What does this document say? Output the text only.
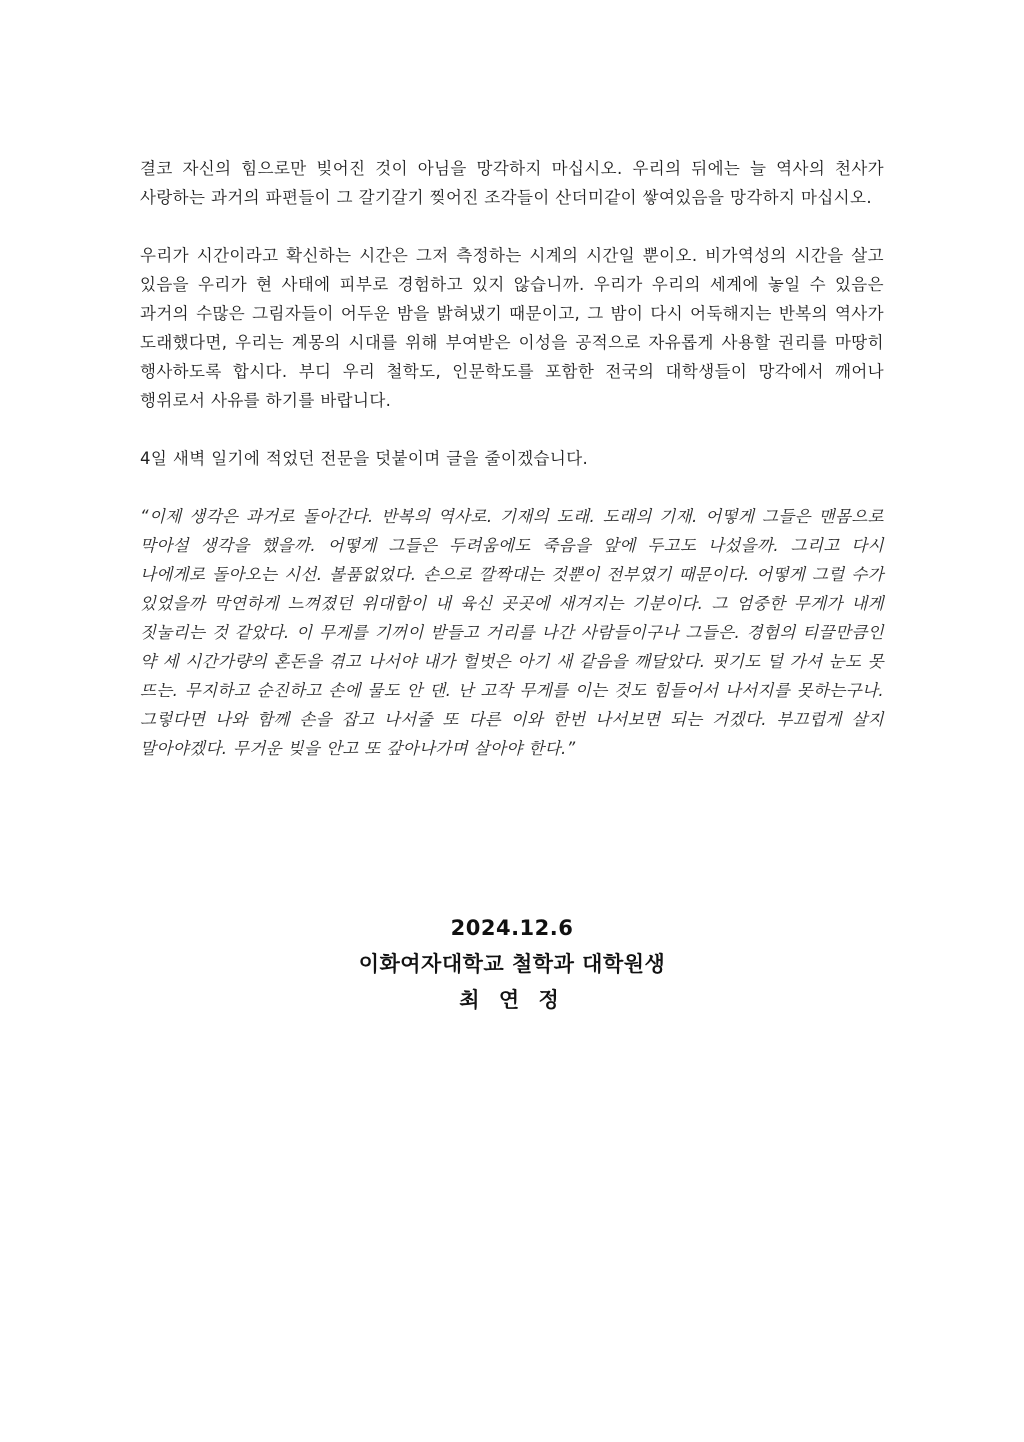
결코 자신의 힘으로만 빚어진 것이 아님을 망각하지 마십시오. 우리의 뒤에는 늘 역사의 천사가 사랑하는 과거의 파편들이 그 갈기갈기 찢어진 조각들이 산더미같이 쌓여있음을 망각하지 마십시오.

우리가 시간이라고 확신하는 시간은 그저 측정하는 시계의 시간일 뿐이오. 비가역성의 시간을 살고 있음을 우리가 현 사태에 피부로 경험하고 있지 않습니까. 우리가 우리의 세계에 놓일 수 있음은 과거의 수많은 그림자들이 어두운 밤을 밝혀냈기 때문이고, 그 밤이 다시 어둑해지는 반복의 역사가 도래했다면, 우리는 계몽의 시대를 위해 부여받은 이성을 공적으로 자유롭게 사용할 권리를 마땅히 행사하도록 합시다. 부디 우리 철학도, 인문학도를 포함한 전국의 대학생들이 망각에서 깨어나 행위로서 사유를 하기를 바랍니다.

4일 새벽 일기에 적었던 전문을 덧붙이며 글을 줄이겠습니다.

“이제 생각은 과거로 돌아간다. 반복의 역사로. 기재의 도래. 도래의 기재. 어떻게 그들은 맨몸으로 막아설 생각을 했을까. 어떻게 그들은 두려움에도 죽음을 앞에 두고도 나섰을까. 그리고 다시 나에게로 돌아오는 시선. 볼품없었다. 손으로 깔짝대는 것뿐이 전부였기 때문이다. 어떻게 그럴 수가 있었을까 막연하게 느껴졌던 위대함이 내 육신 곳곳에 새겨지는 기분이다. 그 엄중한 무게가 내게 짓눌리는 것 같았다. 이 무게를 기꺼이 받들고 거리를 나간 사람들이구나 그들은. 경험의 티끌만큼인 약 세 시간가량의 혼돈을 겪고 나서야 내가 헐벗은 아기 새 같음을 깨달았다. 핏기도 덜 가셔 눈도 못 뜨는. 무지하고 순진하고 손에 물도 안 댄. 난 고작 무게를 이는 것도 힘들어서 나서지를 못하는구나. 그렇다면 나와 함께 손을 잡고 나서줄 또 다른 이와 한번 나서보면 되는 거겠다. 부끄럽게 살지 말아야겠다. 무거운 빚을 안고 또 갚아나가며 살아야 한다.”

2024.12.6
이화여자대학교 철학과 대학원생
최 연 정
